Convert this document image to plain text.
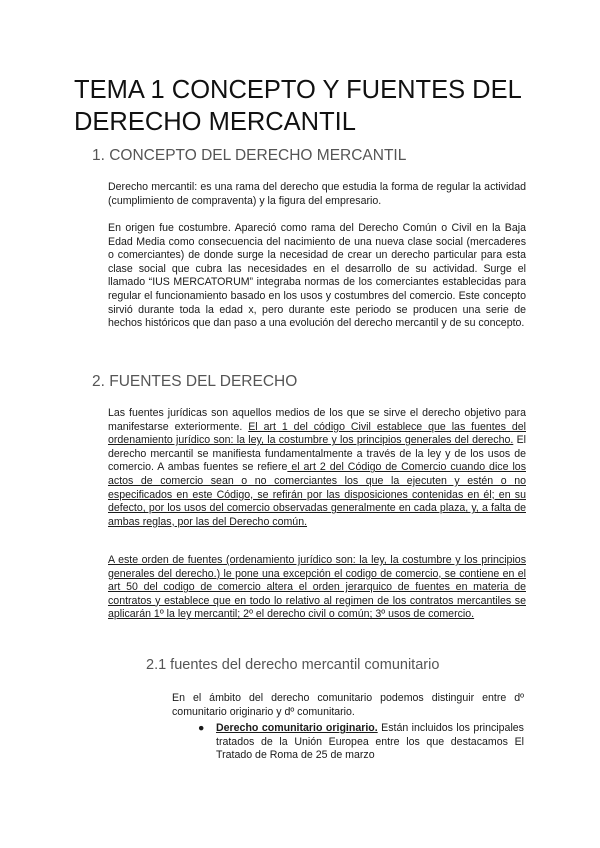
TEMA 1 CONCEPTO Y FUENTES DEL DERECHO MERCANTIL
1. CONCEPTO DEL DERECHO MERCANTIL

Derecho mercantil: es una rama del derecho que estudia la forma de regular la actividad (cumplimiento de compraventa) y la figura del empresario.

En origen fue costumbre. Apareció como rama del Derecho Común o Civil en la Baja Edad Media como consecuencia del nacimiento de una nueva clase social (mercaderes o comerciantes) de donde surge la necesidad de crear un derecho particular para esta clase social que cubra las necesidades en el desarrollo de su actividad. Surge el llamado “IUS MERCATORUM” integraba normas de los comerciantes establecidas para regular el funcionamiento basado en los usos y costumbres del comercio. Este concepto sirvió durante toda la edad x, pero durante este periodo se producen una serie de hechos históricos que dan paso a una evolución del derecho mercantil y de su concepto.

2. FUENTES DEL DERECHO

Las fuentes jurídicas son aquellos medios de los que se sirve el derecho objetivo para manifestarse exteriormente. El art 1 del código Civil establece que las fuentes del ordenamiento jurídico son: la ley, la costumbre y los principios generales del derecho. El derecho mercantil se manifiesta fundamentalmente a través de la ley y de los usos de comercio. A ambas fuentes se refiere el art 2 del Código de Comercio cuando dice los actos de comercio sean o no comerciantes los que la ejecuten y estén o no especificados en este Código, se refirán por las disposiciones contenidas en él; en su defecto, por los usos del comercio observadas generalmente en cada plaza, y, a falta de ambas reglas, por las del Derecho común.

A este orden de fuentes (ordenamiento jurídico son: la ley, la costumbre y los principios generales del derecho.) le pone una excepción el codigo de comercio, se contiene en el art 50 del codigo de comercio altera el orden jerarquico de fuentes en materia de contratos y establece que en todo lo relativo al regimen de los contratos mercantiles se aplicarán 1º la ley mercantil; 2º el derecho civil o común; 3º usos de comercio.

2.1 fuentes del derecho mercantil comunitario

En el ámbito del derecho comunitario podemos distinguir entre dº comunitario originario y dº comunitario.

● Derecho comunitario originario. Están incluidos los principales tratados de la Unión Europea entre los que destacamos El Tratado de Roma de 25 de marzo
